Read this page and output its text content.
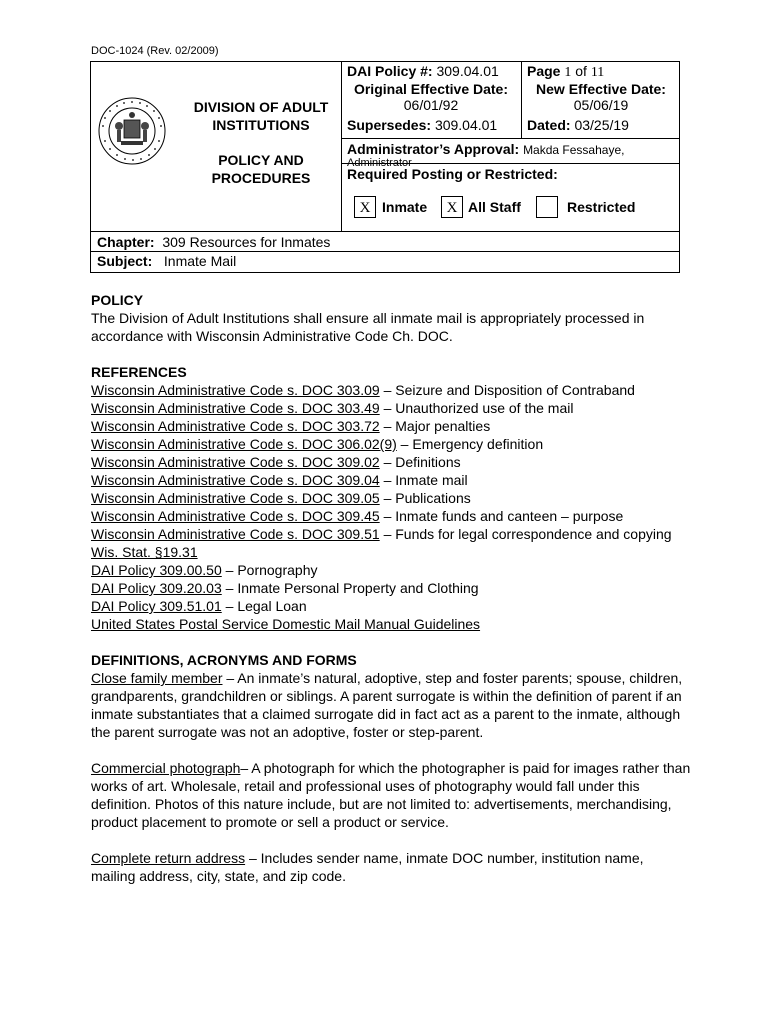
DOC-1024 (Rev. 02/2009)
DIVISION OF ADULT
INSTITUTIONS
POLICY AND
PROCEDURES
DAI Policy #: 309.04.01 Page 1 of 11
Original Effective Date:
06/01/92
New Effective Date:
05/06/19
Supersedes: 309.04.01 Dated: 03/25/19
Administrator’s Approval: Makda Fessahaye,
Administrator
Required Posting or Restricted:
X Inmate	X All Staff	Restricted
Chapter: 309 Resources for Inmates
Subject: Inmate Mail

POLICY

The Division of Adult Institutions shall ensure all inmate mail is appropriately processed in accordance with Wisconsin Administrative Code Ch. DOC.

REFERENCES

Wisconsin Administrative Code s. DOC 303.09 – Seizure and Disposition of Contraband

Wisconsin Administrative Code s. DOC 303.49 – Unauthorized use of the mail

Wisconsin Administrative Code s. DOC 303.72 – Major penalties

Wisconsin Administrative Code s. DOC 306.02(9) – Emergency definition

Wisconsin Administrative Code s. DOC 309.02 – Definitions

Wisconsin Administrative Code s. DOC 309.04 – Inmate mail

Wisconsin Administrative Code s. DOC 309.05 – Publications

Wisconsin Administrative Code s. DOC 309.45 – Inmate funds and canteen – purpose

Wisconsin Administrative Code s. DOC 309.51 – Funds for legal correspondence and copying

Wis. Stat. §19.31

DAI Policy 309.00.50 – Pornography

DAI Policy 309.20.03 – Inmate Personal Property and Clothing

DAI Policy 309.51.01 – Legal Loan

United States Postal Service Domestic Mail Manual Guidelines

DEFINITIONS, ACRONYMS AND FORMS

Close family member – An inmate’s natural, adoptive, step and foster parents; spouse, children, grandparents, grandchildren or siblings. A parent surrogate is within the definition of parent if an inmate substantiates that a claimed surrogate did in fact act as a parent to the inmate, although the parent surrogate was not an adoptive, foster or step-parent.

Commercial photograph– A photograph for which the photographer is paid for images rather than works of art. Wholesale, retail and professional uses of photography would fall under this definition. Photos of this nature include, but are not limited to: advertisements, merchandising, product placement to promote or sell a product or service.

Complete return address – Includes sender name, inmate DOC number, institution name, mailing address, city, state, and zip code.
